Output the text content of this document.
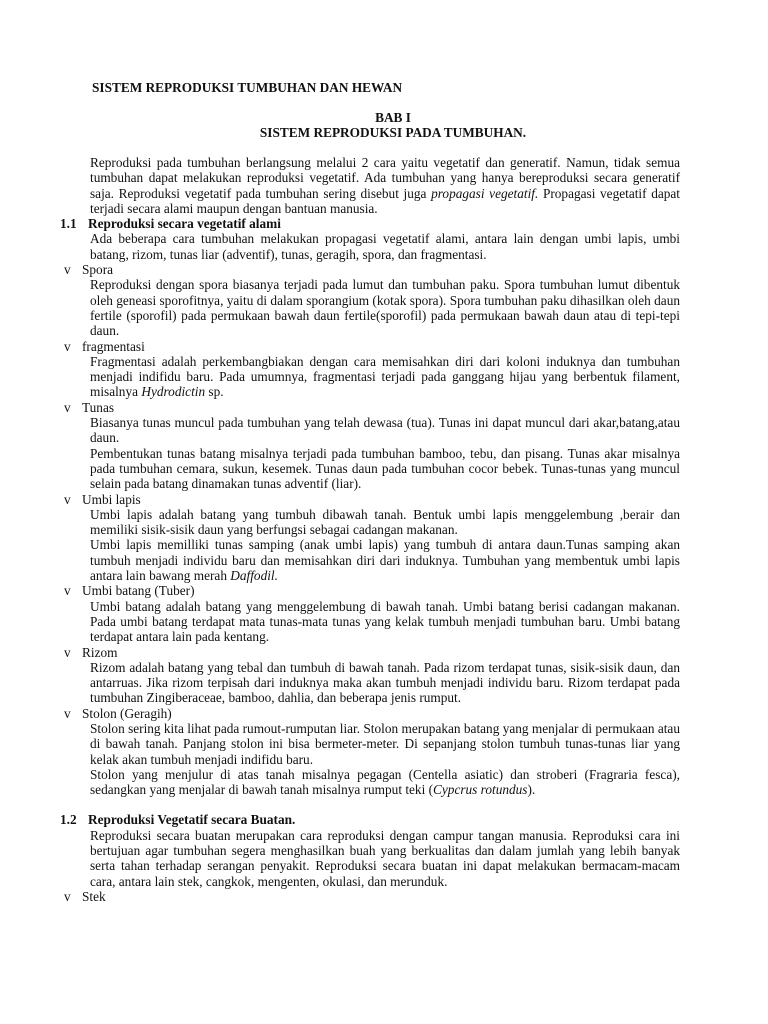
SISTEM REPRODUKSI TUMBUHAN DAN HEWAN
BAB I
SISTEM REPRODUKSI PADA TUMBUHAN.

Reproduksi pada tumbuhan berlangsung melalui 2 cara yaitu vegetatif dan generatif. Namun, tidak semua tumbuhan dapat melakukan reproduksi vegetatif. Ada tumbuhan yang hanya bereproduksi secara generatif saja. Reproduksi vegetatif pada tumbuhan sering disebut juga propagasi vegetatif. Propagasi vegetatif dapat terjadi secara alami maupun dengan bantuan manusia.

1.1 Reproduksi secara vegetatif alami

Ada beberapa cara tumbuhan melakukan propagasi vegetatif alami, antara lain dengan umbi lapis, umbi batang, rizom, tunas liar (adventif), tunas, geragih, spora, dan fragmentasi.

v Spora

Reproduksi dengan spora biasanya terjadi pada lumut dan tumbuhan paku. Spora tumbuhan lumut dibentuk oleh geneasi sporofitnya, yaitu di dalam sporangium (kotak spora). Spora tumbuhan paku dihasilkan oleh daun fertile (sporofil) pada permukaan bawah daun fertile(sporofil) pada permukaan bawah daun atau di tepi-tepi daun.

v fragmentasi

Fragmentasi adalah perkembangbiakan dengan cara memisahkan diri dari koloni induknya dan tumbuhan menjadi indifidu baru. Pada umumnya, fragmentasi terjadi pada ganggang hijau yang berbentuk filament, misalnya Hydrodictin sp.

v Tunas

Biasanya tunas muncul pada tumbuhan yang telah dewasa (tua). Tunas ini dapat muncul dari akar,batang,atau daun.

Pembentukan tunas batang misalnya terjadi pada tumbuhan bamboo, tebu, dan pisang. Tunas akar misalnya pada tumbuhan cemara, sukun, kesemek. Tunas daun pada tumbuhan cocor bebek. Tunas-tunas yang muncul selain pada batang dinamakan tunas adventif (liar).

v Umbi lapis

Umbi lapis adalah batang yang tumbuh dibawah tanah. Bentuk umbi lapis menggelembung ,berair dan memiliki sisik-sisik daun yang berfungsi sebagai cadangan makanan.

Umbi lapis memilliki tunas samping (anak umbi lapis) yang tumbuh di antara daun.Tunas samping akan tumbuh menjadi individu baru dan memisahkan diri dari induknya. Tumbuhan yang membentuk umbi lapis antara lain bawang merah Daffodil.

v Umbi batang (Tuber)

Umbi batang adalah batang yang menggelembung di bawah tanah. Umbi batang berisi cadangan makanan. Pada umbi batang terdapat mata tunas-mata tunas yang kelak tumbuh menjadi tumbuhan baru. Umbi batang terdapat antara lain pada kentang.

v Rizom

Rizom adalah batang yang tebal dan tumbuh di bawah tanah. Pada rizom terdapat tunas, sisik-sisik daun, dan antarruas. Jika rizom terpisah dari induknya maka akan tumbuh menjadi individu baru. Rizom terdapat pada tumbuhan Zingiberaceae, bamboo, dahlia, dan beberapa jenis rumput.

v Stolon (Geragih)

Stolon sering kita lihat pada rumout-rumputan liar. Stolon merupakan batang yang menjalar di permukaan atau di bawah tanah. Panjang stolon ini bisa bermeter-meter. Di sepanjang stolon tumbuh tunas-tunas liar yang kelak akan tumbuh menjadi indifidu baru.

Stolon yang menjulur di atas tanah misalnya pegagan (Centella asiatic) dan stroberi (Fragraria fesca), sedangkan yang menjalar di bawah tanah misalnya rumput teki (Cypcrus rotundus).

1.2 Reproduksi Vegetatif secara Buatan.

Reproduksi secara buatan merupakan cara reproduksi dengan campur tangan manusia. Reproduksi cara ini bertujuan agar tumbuhan segera menghasilkan buah yang berkualitas dan dalam jumlah yang lebih banyak serta tahan terhadap serangan penyakit. Reproduksi secara buatan ini dapat melakukan bermacam-macam cara, antara lain stek, cangkok, mengenten, okulasi, dan merunduk.

v Stek
